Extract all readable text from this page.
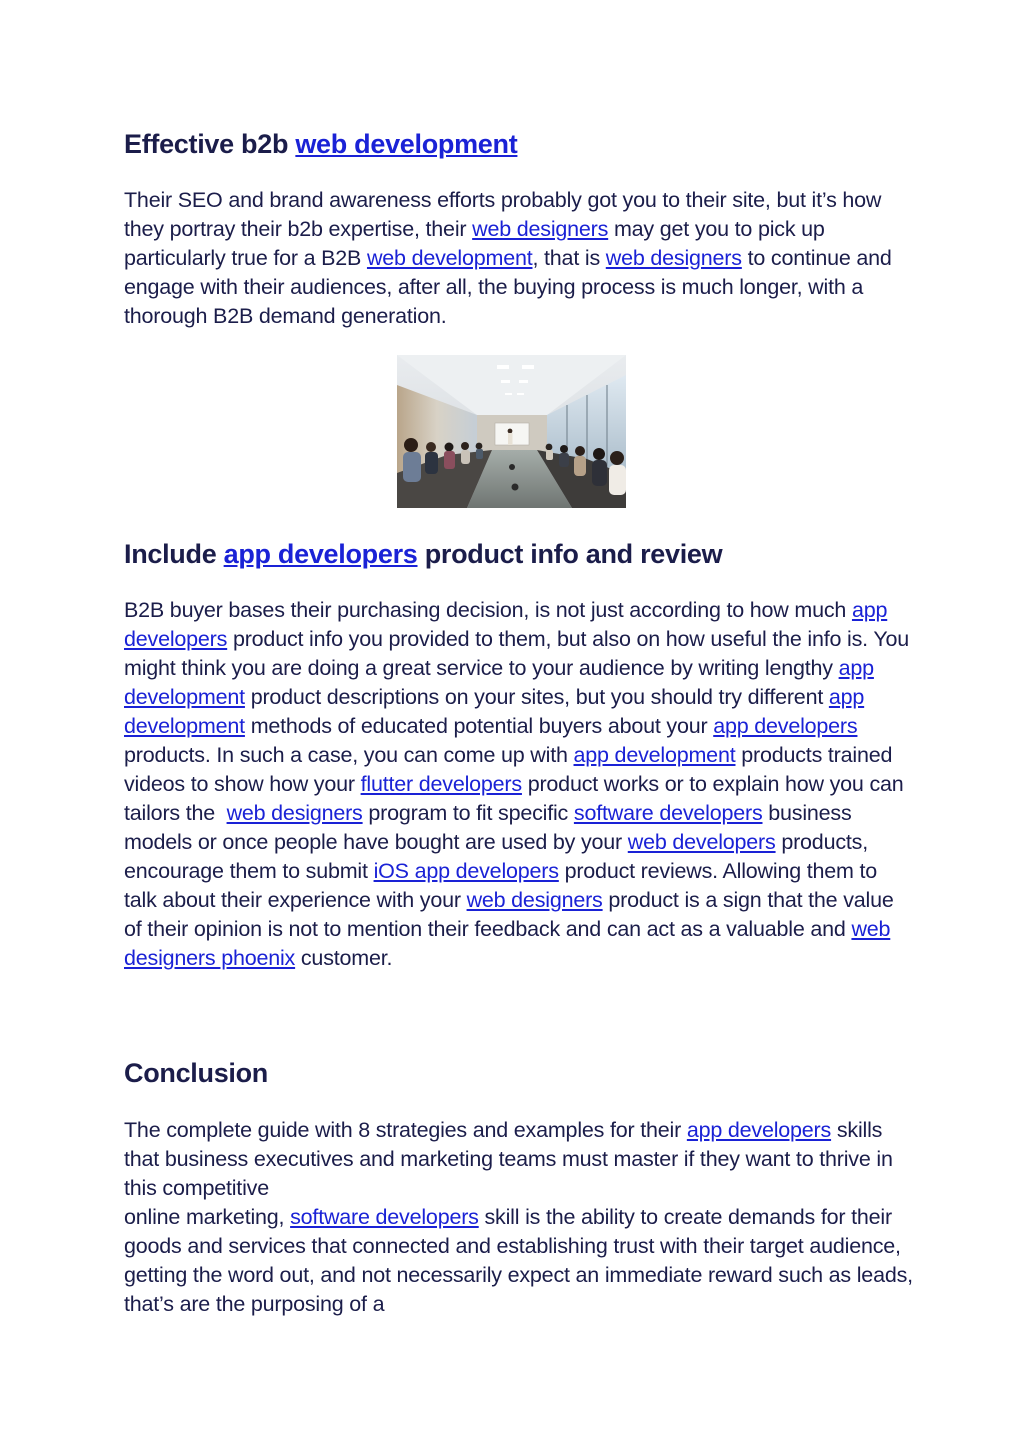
Effective b2b web development

Their SEO and brand awareness efforts probably got you to their site, but it’s how they portray their b2b expertise, their web designers may get you to pick up particularly true for a B2B web development, that is web designers to continue and engage with their audiences, after all, the buying process is much longer, with a thorough B2B demand generation.

Include app developers product info and review

B2B buyer bases their purchasing decision, is not just according to how much app developers product info you provided to them, but also on how useful the info is. You might think you are doing a great service to your audience by writing lengthy app development product descriptions on your sites, but you should try different app development methods of educated potential buyers about your app developers products. In such a case, you can come up with app development products trained videos to show how your flutter developers product works or to explain how you can tailors the  web designers program to fit specific software developers business models or once people have bought are used by your web developers products, encourage them to submit iOS app developers product reviews. Allowing them to talk about their experience with your web designers product is a sign that the value of their opinion is not to mention their feedback and can act as a valuable and web designers phoenix customer.

Conclusion

The complete guide with 8 strategies and examples for their app developers skills that business executives and marketing teams must master if they want to thrive in this competitive
online marketing, software developers skill is the ability to create demands for their goods and services that connected and establishing trust with their target audience, getting the word out, and not necessarily expect an immediate reward such as leads, that’s are the purposing of a
